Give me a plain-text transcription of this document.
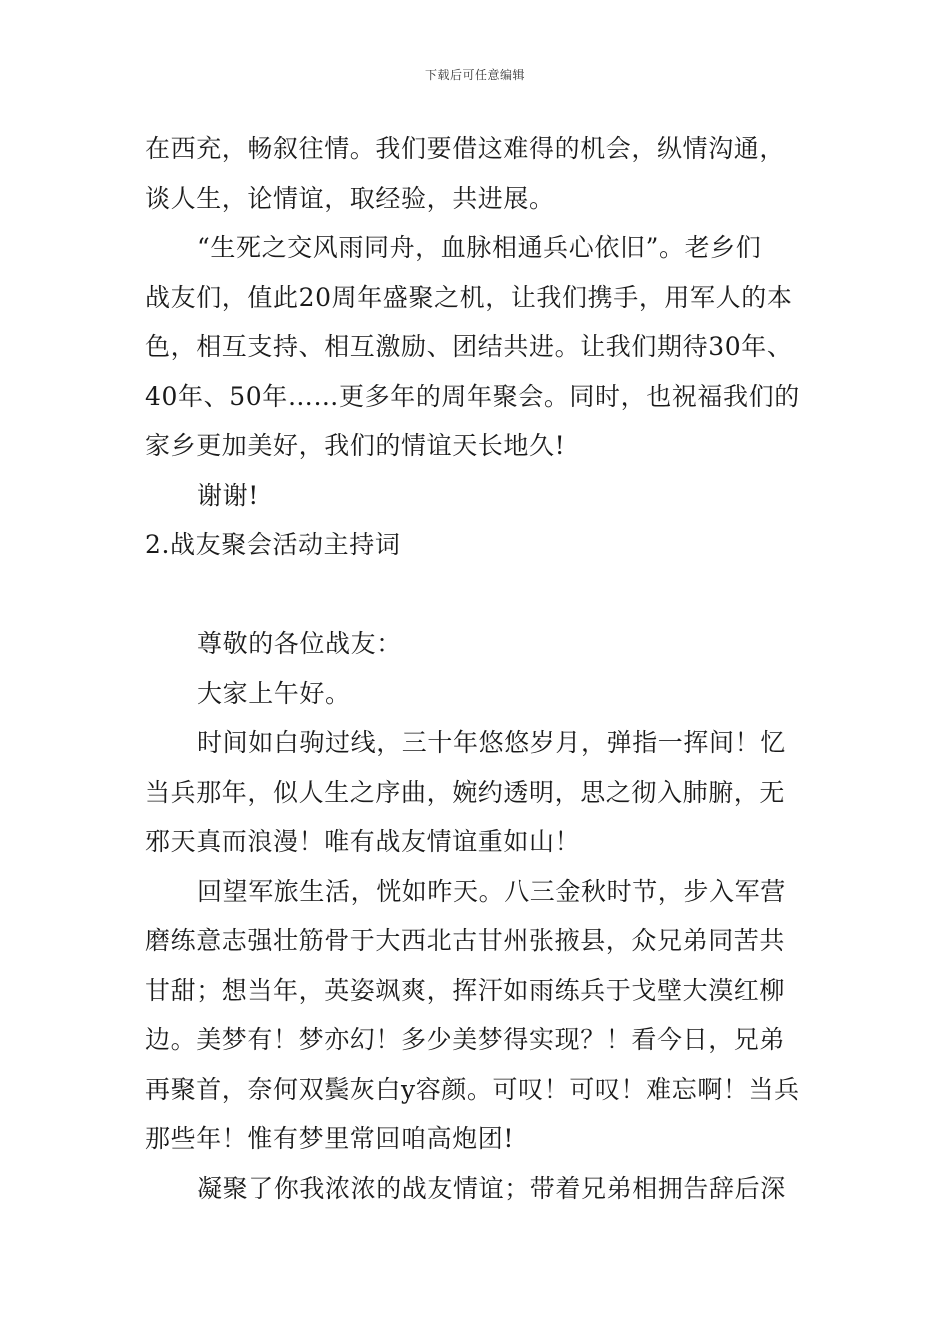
下载后可任意编辑
在西充，畅叙往情。我们要借这难得的机会，纵情沟通，
谈人生，论情谊，取经验，共进展。
“生死之交风雨同舟，血脉相通兵心依旧”。老乡们
战友们，值此20周年盛聚之机，让我们携手，用军人的本
色，相互支持、相互激励、团结共进。让我们期待30年、
40年、50年……更多年的周年聚会。同时，也祝福我们的
家乡更加美好，我们的情谊天长地久!
谢谢!
2.战友聚会活动主持词
尊敬的各位战友：
大家上午好。
时间如白驹过线，三十年悠悠岁月，弹指一挥间！忆
当兵那年，似人生之序曲，婉约透明，思之彻入肺腑，无
邪天真而浪漫！唯有战友情谊重如山！
回望军旅生活，恍如昨天。八三金秋时节，步入军营
磨练意志强壮筋骨于大西北古甘州张掖县，众兄弟同苦共
甘甜；想当年，英姿飒爽，挥汗如雨练兵于戈壁大漠红柳
边。美梦有！梦亦幻！多少美梦得实现？！看今日，兄弟
再聚首，奈何双鬓灰白y容颜。可叹！可叹！难忘啊！当兵
那些年！惟有梦里常回咱高炮团!
凝聚了你我浓浓的战友情谊；带着兄弟相拥告辞后深
